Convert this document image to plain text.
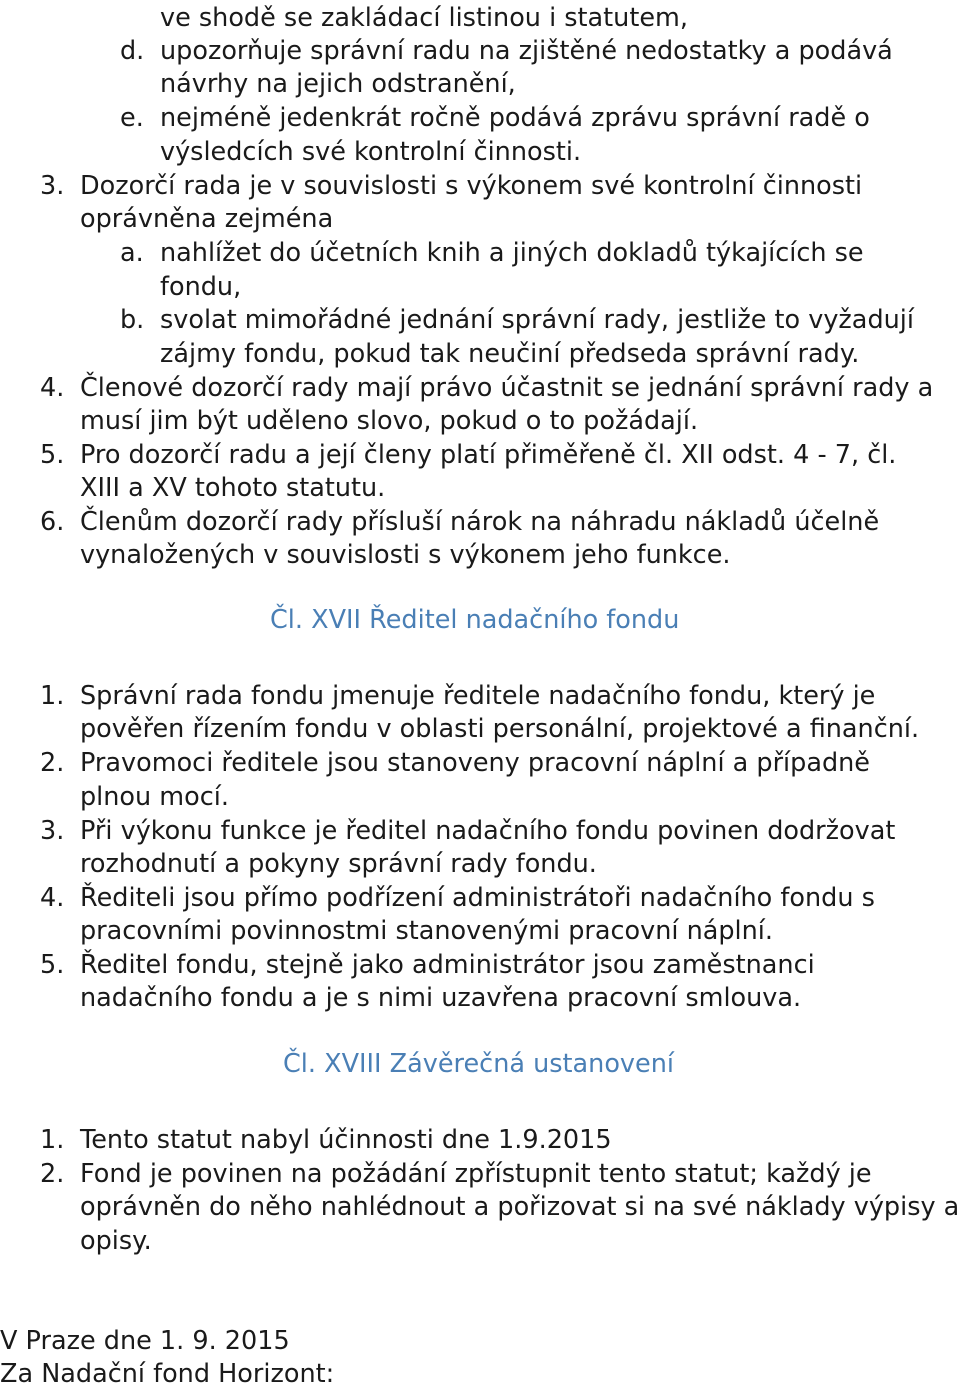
ve shodě se zakládací listinou i statutem,
d. upozorňuje správní radu na zjištěné nedostatky a podává
návrhy na jejich odstranění,
e. nejméně jedenkrát ročně podává zprávu správní radě o
výsledcích své kontrolní činnosti.
3. Dozorčí rada je v souvislosti s výkonem své kontrolní činnosti
oprávněna zejména
a. nahlížet do účetních knih a jiných dokladů týkajících se
fondu,
b. svolat mimořádné jednání správní rady, jestliže to vyžadují
zájmy fondu, pokud tak neučiní předseda správní rady.
4. Členové dozorčí rady mají právo účastnit se jednání správní rady a
musí jim být uděleno slovo, pokud o to požádají.
5. Pro dozorčí radu a její členy platí přiměřeně čl. XII odst. 4 - 7, čl.
XIII a XV tohoto statutu.
6. Členům dozorčí rady přísluší nárok na náhradu nákladů účelně
vynaložených v souvislosti s výkonem jeho funkce.
Čl. XVII Ředitel nadačního fondu
1. Správní rada fondu jmenuje ředitele nadačního fondu, který je
pověřen řízením fondu v oblasti personální, projektové a finanční.
2. Pravomoci ředitele jsou stanoveny pracovní náplní a případně
plnou mocí.
3. Při výkonu funkce je ředitel nadačního fondu povinen dodržovat
rozhodnutí a pokyny správní rady fondu.
4. Řediteli jsou přímo podřízení administrátoři nadačního fondu s
pracovními povinnostmi stanovenými pracovní náplní.
5. Ředitel fondu, stejně jako administrátor jsou zaměstnanci
nadačního fondu a je s nimi uzavřena pracovní smlouva.
Čl. XVIII Závěrečná ustanovení
1. Tento statut nabyl účinnosti dne 1.9.2015
2. Fond je povinen na požádání zpřístupnit tento statut; každý je
oprávněn do něho nahlédnout a pořizovat si na své náklady výpisy a
opisy.
V Praze dne 1. 9. 2015
Za Nadační fond Horizont:
